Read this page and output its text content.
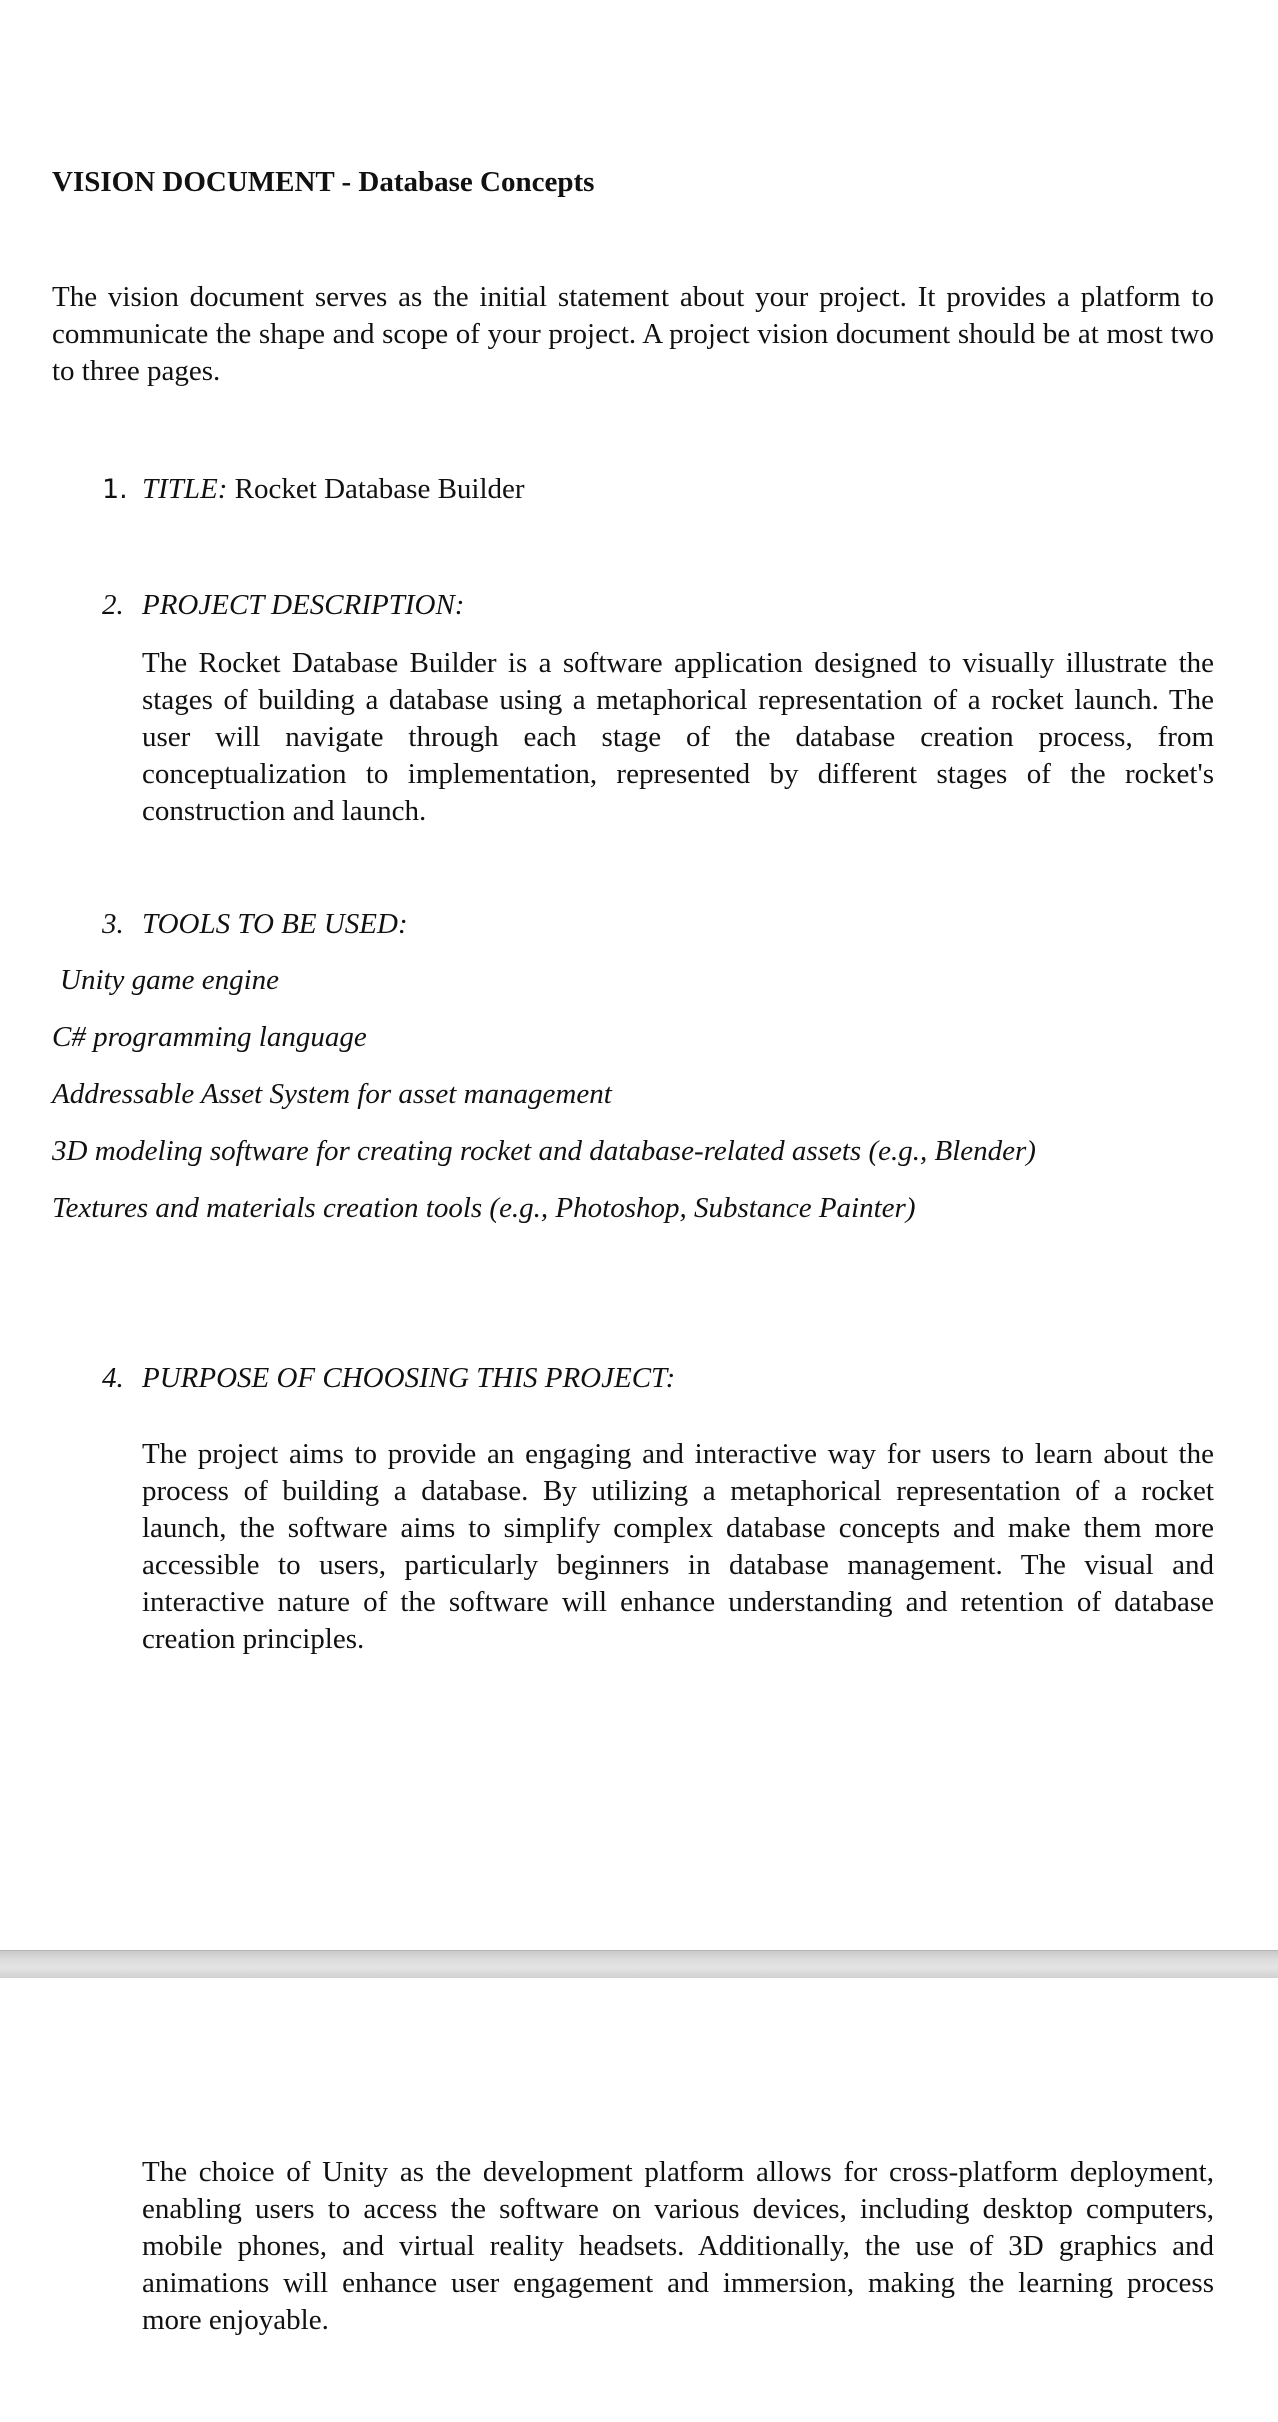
VISION DOCUMENT - Database Concepts
The vision document serves as the initial statement about your project. It provides a platform to communicate the shape and scope of your project. A project vision document should be at most two to three pages.
1. TITLE: Rocket Database Builder
2. PROJECT DESCRIPTION:
The Rocket Database Builder is a software application designed to visually illustrate the stages of building a database using a metaphorical representation of a rocket launch. The user will navigate through each stage of the database creation process, from conceptualization to implementation, represented by different stages of the rocket's construction and launch.
3. TOOLS TO BE USED:
Unity game engine
C# programming language
Addressable Asset System for asset management
3D modeling software for creating rocket and database-related assets (e.g., Blender)
Textures and materials creation tools (e.g., Photoshop, Substance Painter)
4. PURPOSE OF CHOOSING THIS PROJECT:
The project aims to provide an engaging and interactive way for users to learn about the process of building a database. By utilizing a metaphorical representation of a rocket launch, the software aims to simplify complex database concepts and make them more accessible to users, particularly beginners in database management. The visual and interactive nature of the software will enhance understanding and retention of database creation principles.
The choice of Unity as the development platform allows for cross-platform deployment, enabling users to access the software on various devices, including desktop computers, mobile phones, and virtual reality headsets. Additionally, the use of 3D graphics and animations will enhance user engagement and immersion, making the learning process more enjoyable.
